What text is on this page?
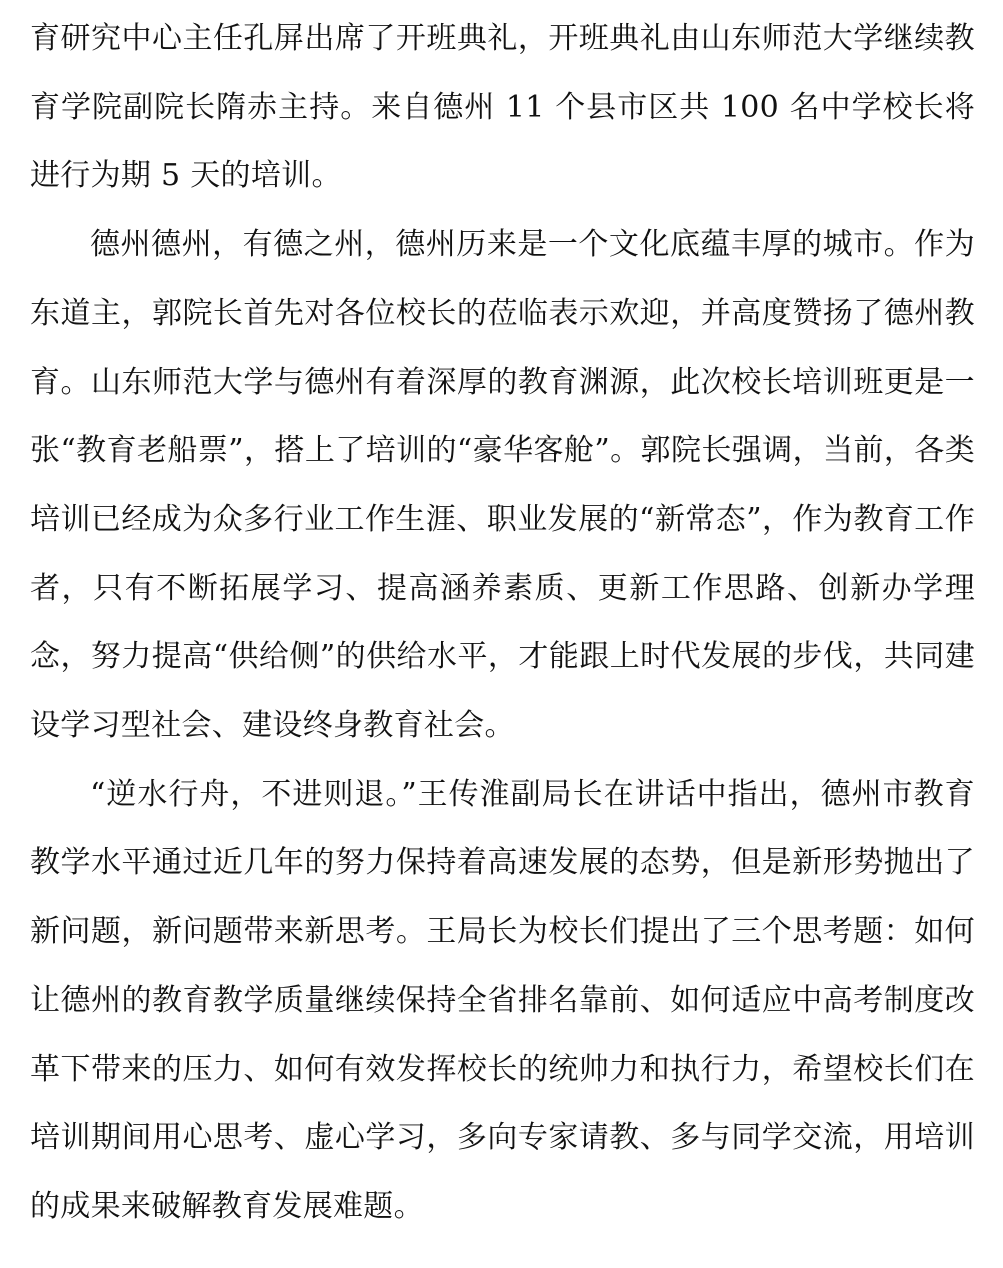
育研究中心主任孔屏出席了开班典礼，开班典礼由山东师范大学继续教育学院副院长隋赤主持。来自德州 11 个县市区共 100 名中学校长将进行为期 5 天的培训。

德州德州，有德之州，德州历来是一个文化底蕴丰厚的城市。作为东道主，郭院长首先对各位校长的莅临表示欢迎，并高度赞扬了德州教育。山东师范大学与德州有着深厚的教育渊源，此次校长培训班更是一张“教育老船票”，搭上了培训的“豪华客舱”。郭院长强调，当前，各类培训已经成为众多行业工作生涯、职业发展的“新常态”，作为教育工作者，只有不断拓展学习、提高涵养素质、更新工作思路、创新办学理念，努力提高“供给侧”的供给水平，才能跟上时代发展的步伐，共同建设学习型社会、建设终身教育社会。

“逆水行舟，不进则退。”王传淮副局长在讲话中指出，德州市教育教学水平通过近几年的努力保持着高速发展的态势，但是新形势抛出了新问题，新问题带来新思考。王局长为校长们提出了三个思考题：如何让德州的教育教学质量继续保持全省排名靠前、如何适应中高考制度改革下带来的压力、如何有效发挥校长的统帅力和执行力，希望校长们在培训期间用心思考、虚心学习，多向专家请教、多与同学交流，用培训的成果来破解教育发展难题。
